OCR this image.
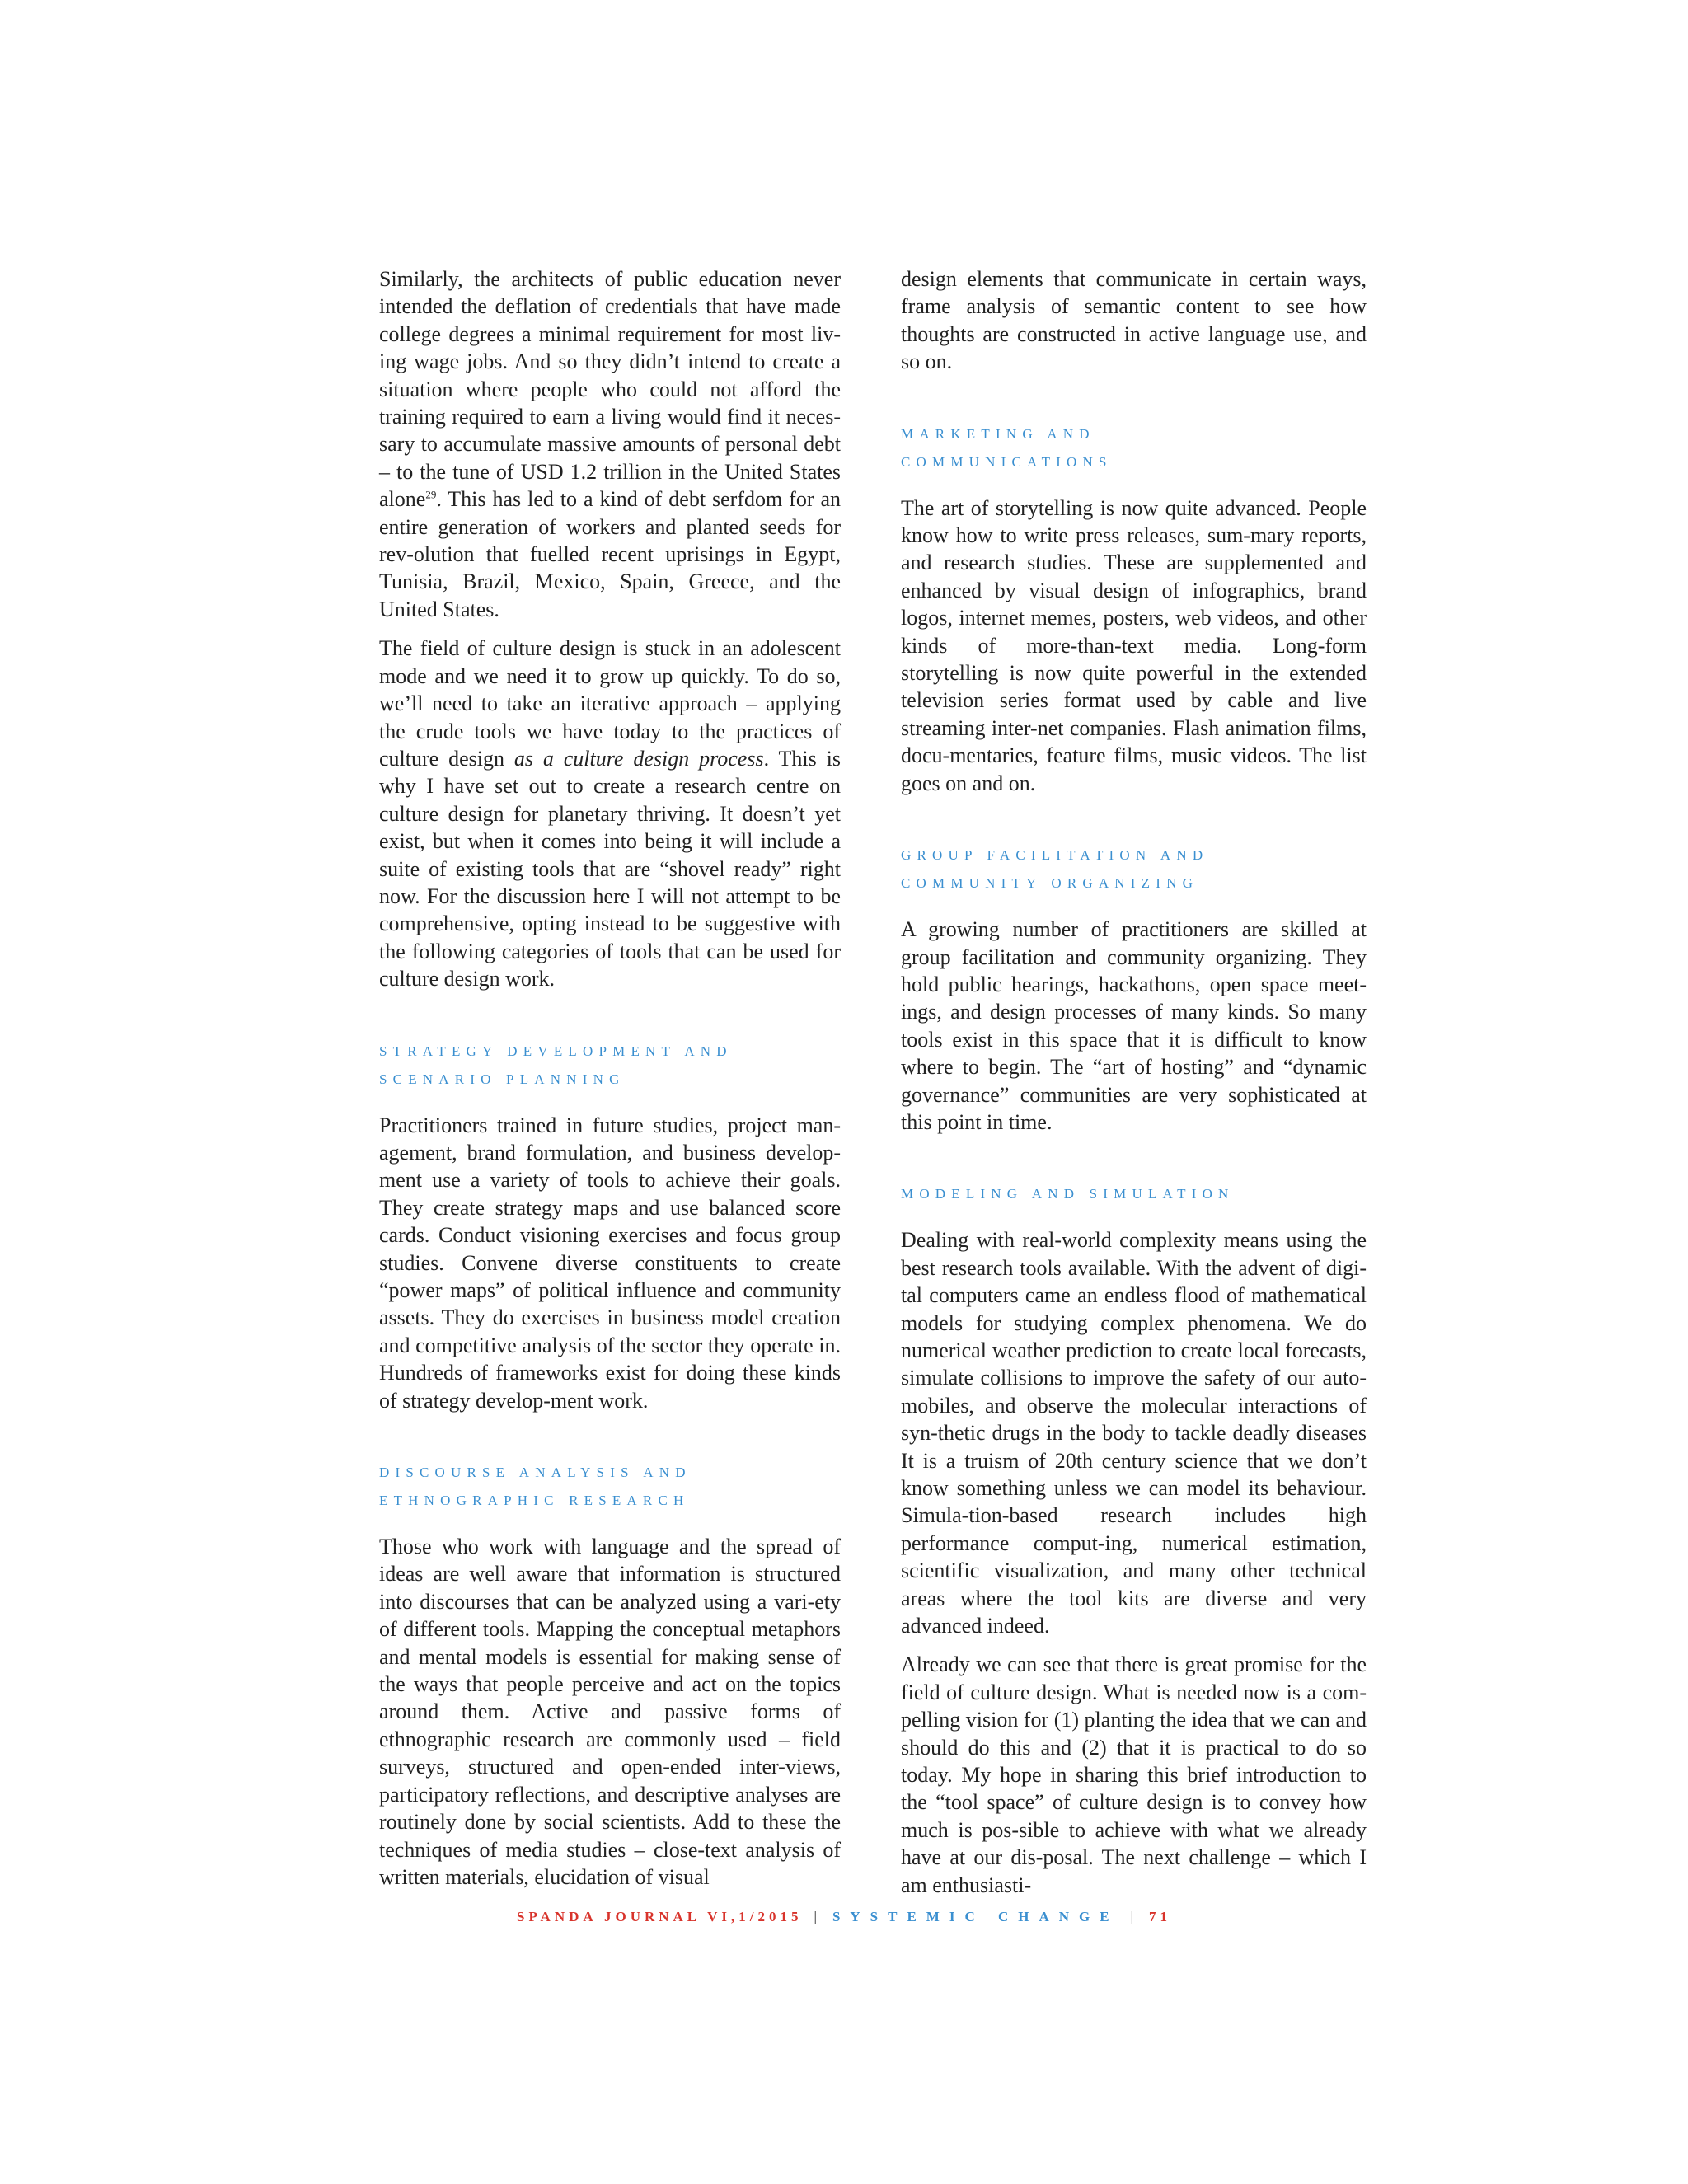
Similarly, the architects of public education never intended the deflation of credentials that have made college degrees a minimal requirement for most liv-ing wage jobs. And so they didn’t intend to create a situation where people who could not afford the training required to earn a living would find it neces-sary to accumulate massive amounts of personal debt – to the tune of USD 1.2 trillion in the United States alone$^{29}$. This has led to a kind of debt serfdom for an entire generation of workers and planted seeds for rev-olution that fuelled recent uprisings in Egypt, Tunisia, Brazil, Mexico, Spain, Greece, and the United States.

The field of culture design is stuck in an adolescent mode and we need it to grow up quickly. To do so, we’ll need to take an iterative approach – applying the crude tools we have today to the practices of culture design as a culture design process. This is why I have set out to create a research centre on culture design for planetary thriving. It doesn’t yet exist, but when it comes into being it will include a suite of existing tools that are “shovel ready” right now. For the discussion here I will not attempt to be comprehensive, opting instead to be suggestive with the following categories of tools that can be used for culture design work.

STRATEGY DEVELOPMENT AND
SCENARIO PLANNING

Practitioners trained in future studies, project man-agement, brand formulation, and business develop-ment use a variety of tools to achieve their goals. They create strategy maps and use balanced score cards. Conduct visioning exercises and focus group studies. Convene diverse constituents to create “power maps” of political influence and community assets. They do exercises in business model creation and competitive analysis of the sector they operate in. Hundreds of frameworks exist for doing these kinds of strategy develop-ment work.

DISCOURSE ANALYSIS AND
ETHNOGRAPHIC RESEARCH

Those who work with language and the spread of ideas are well aware that information is structured into discourses that can be analyzed using a vari-ety of different tools. Mapping the conceptual metaphors and mental models is essential for making sense of the ways that people perceive and act on the topics around them. Active and passive forms of ethnographic research are commonly used – field surveys, structured and open-ended inter-views, participatory reflections, and descriptive analyses are routinely done by social scientists. Add to these the techniques of media studies – close-text analysis of written materials, elucidation of visual

design elements that communicate in certain ways, frame analysis of semantic content to see how thoughts are constructed in active language use, and so on.

MARKETING AND
COMMUNICATIONS

The art of storytelling is now quite advanced. People know how to write press releases, sum-mary reports, and research studies. These are supplemented and enhanced by visual design of infographics, brand logos, internet memes, posters, web videos, and other kinds of more-than-text media. Long-form storytelling is now quite powerful in the extended television series format used by cable and live streaming inter-net companies. Flash animation films, docu-mentaries, feature films, music videos. The list goes on and on.

GROUP FACILITATION AND
COMMUNITY ORGANIZING

A growing number of practitioners are skilled at group facilitation and community organizing. They hold public hearings, hackathons, open space meet-ings, and design processes of many kinds. So many tools exist in this space that it is difficult to know where to begin. The “art of hosting” and “dynamic governance” communities are very sophisticated at this point in time.

MODELING AND SIMULATION

Dealing with real-world complexity means using the best research tools available. With the advent of digi-tal computers came an endless flood of mathematical models for studying complex phenomena. We do numerical weather prediction to create local forecasts, simulate collisions to improve the safety of our auto-mobiles, and observe the molecular interactions of syn-thetic drugs in the body to tackle deadly diseases It is a truism of 20th century science that we don’t know something unless we can model its behaviour. Simula-tion-based research includes high performance comput-ing, numerical estimation, scientific visualization, and many other technical areas where the tool kits are diverse and very advanced indeed.

Already we can see that there is great promise for the field of culture design. What is needed now is a com-pelling vision for (1) planting the idea that we can and should do this and (2) that it is practical to do so today. My hope in sharing this brief introduction to the “tool space” of culture design is to convey how much is pos-sible to achieve with what we already have at our dis-posal. The next challenge – which I am enthusiasti-

SPANDA JOURNAL VI,1/2015 | SYSTEMIC CHANGE | 71
